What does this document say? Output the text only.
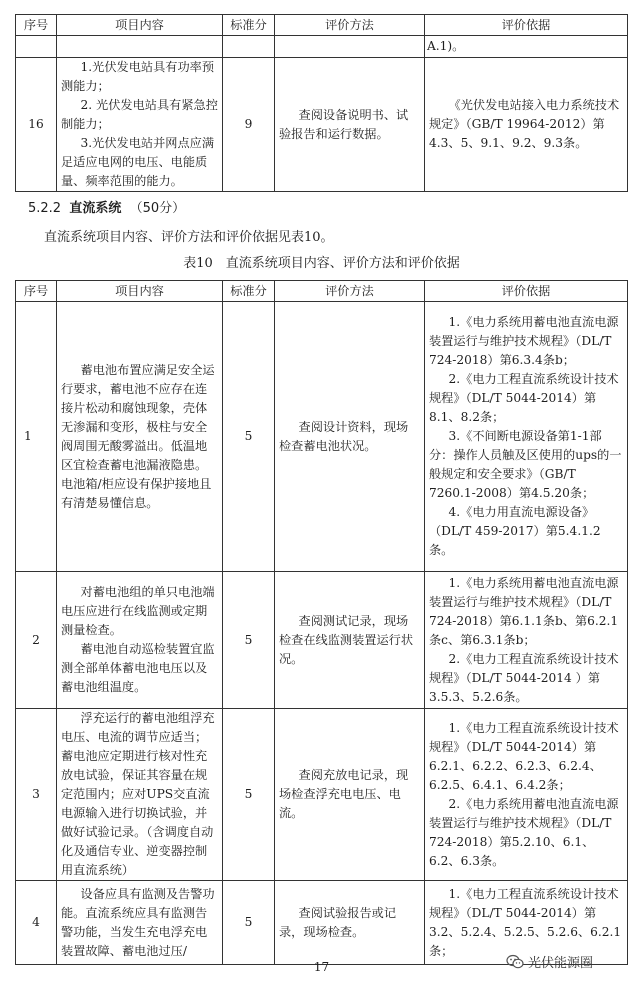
序号	项目内容	标准分	评价方法	评价依据
				A.1)。
16	1.光伏发电站具有功率预测能力；
2. 光伏发电站具有紧急控制能力；
3.光伏发电站并网点应满足适应电网的电压、电能质量、频率范围的能力。	9	查阅设备说明书、试验报告和运行数据。	《光伏发电站接入电力系统技术规定》（GB/T 19964-2012）第4.3、5、9.1、9.2、9.3条。
5.2.2 直流系统 （50分）
直流系统项目内容、评价方法和评价依据见表10。
表10　直流系统项目内容、评价方法和评价依据
序号	项目内容	标准分	评价方法	评价依据
1	蓄电池布置应满足安全运行要求，蓄电池不应存在连接片松动和腐蚀现象，壳体无渗漏和变形，极柱与安全阀周围无酸雾溢出。低温地区宜检查蓄电池漏液隐患。电池箱/柜应设有保护接地且有清楚易懂信息。	5	查阅设计资料，现场检查蓄电池状况。	1.《电力系统用蓄电池直流电源装置运行与维护技术规程》（DL/T 724-2018）第6.3.4条b；
2.《电力工程直流系统设计技术规程》（DL/T 5044-2014）第8.1、8.2条；
3.《不间断电源设备第1-1部分：操作人员触及区使用的ups的一般规定和安全要求》（GB/T 7260.1-2008）第4.5.20条；
4.《电力用直流电源设备》（DL/T 459-2017）第5.4.1.2条。

2	对蓄电池组的单只电池端电压应进行在线监测或定期测量检查。
蓄电池自动巡检装置宜监测全部单体蓄电池电压以及蓄电池组温度。	5	查阅测试记录，现场检查在线监测装置运行状况。	1.《电力系统用蓄电池直流电源装置运行与维护技术规程》（DL/T 724-2018）第6.1.1条b、第6.2.1条c、第6.3.1条b；
2.《电力工程直流系统设计技术规程》（DL/T 5044-2014 ）第3.5.3、5.2.6条。

3	浮充运行的蓄电池组浮充电压、电流的调节应适当；蓄电池应定期进行核对性充放电试验，保证其容量在规定范围内；应对UPS交直流电源输入进行切换试验，并做好试验记录。（含调度自动化及通信专业、逆变器控制用直流系统）	5	查阅充放电记录，现场检查浮充电电压、电流。	1.《电力工程直流系统设计技术规程》（DL/T 5044-2014）第6.2.1、6.2.2、6.2.3、6.2.4、6.2.5、6.4.1、6.4.2条；
2.《电力系统用蓄电池直流电源装置运行与维护技术规程》（DL/T 724-2018）第5.2.10、6.1、6.2、6.3条。

4	设备应具有监测及告警功能。直流系统应具有监测告警功能，当发生充电浮充电装置故障、蓄电池过压/	5	查阅试验报告或记录，现场检查。	1.《电力工程直流系统设计技术规程》（DL/T 5044-2014）第3.2、5.2.4、5.2.5、5.2.6、6.2.1条；
17	光伏能源圈
